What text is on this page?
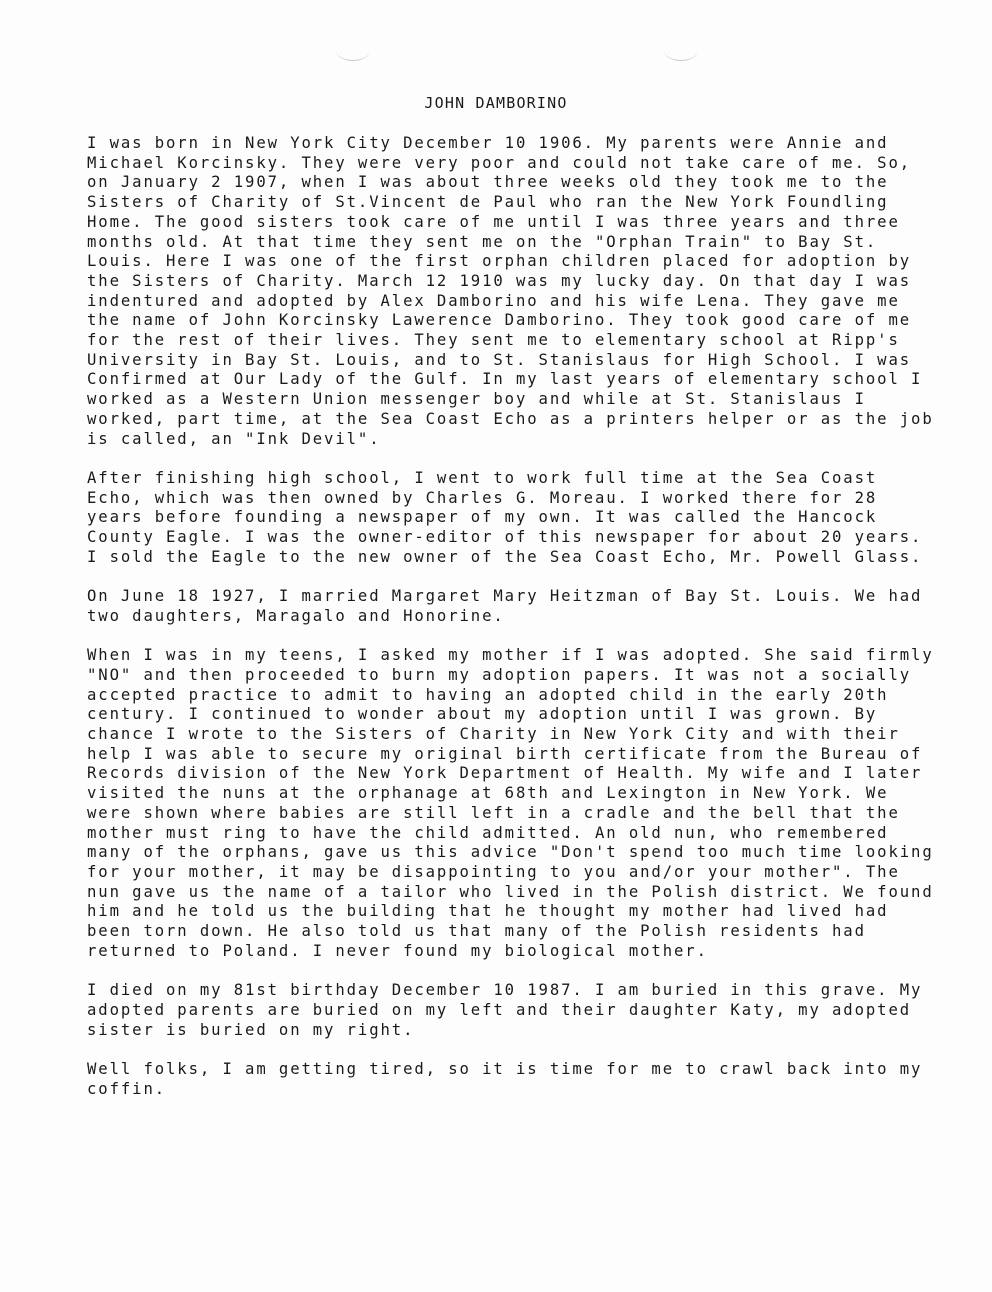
JOHN DAMBORINO

I was born in New York City December 10 1906. My parents were Annie and
Michael Korcinsky. They were very poor and could not take care of me. So,
on January 2 1907, when I was about three weeks old they took me to the
Sisters of Charity of St.Vincent de Paul who ran the New York Foundling
Home. The good sisters took care of me until I was three years and three
months old. At that time they sent me on the "Orphan Train" to Bay St.
Louis. Here I was one of the first orphan children placed for adoption by
the Sisters of Charity. March 12 1910 was my lucky day. On that day I was
indentured and adopted by Alex Damborino and his wife Lena. They gave me
the name of John Korcinsky Lawerence Damborino. They took good care of me
for the rest of their lives. They sent me to elementary school at Ripp's
University in Bay St. Louis, and to St. Stanislaus for High School. I was
Confirmed at Our Lady of the Gulf. In my last years of elementary school I
worked as a Western Union messenger boy and while at St. Stanislaus I
worked, part time, at the Sea Coast Echo as a printers helper or as the job
is called, an "Ink Devil".

After finishing high school, I went to work full time at the Sea Coast
Echo, which was then owned by Charles G. Moreau. I worked there for 28
years before founding a newspaper of my own. It was called the Hancock
County Eagle. I was the owner-editor of this newspaper for about 20 years.
I sold the Eagle to the new owner of the Sea Coast Echo, Mr. Powell Glass.

On June 18 1927, I married Margaret Mary Heitzman of Bay St. Louis. We had
two daughters, Maragalo and Honorine.

When I was in my teens, I asked my mother if I was adopted. She said firmly
"NO" and then proceeded to burn my adoption papers. It was not a socially
accepted practice to admit to having an adopted child in the early 20th
century. I continued to wonder about my adoption until I was grown. By
chance I wrote to the Sisters of Charity in New York City and with their
help I was able to secure my original birth certificate from the Bureau of
Records division of the New York Department of Health. My wife and I later
visited the nuns at the orphanage at 68th and Lexington in New York. We
were shown where babies are still left in a cradle and the bell that the
mother must ring to have the child admitted. An old nun, who remembered
many of the orphans, gave us this advice "Don't spend too much time looking
for your mother, it may be disappointing to you and/or your mother". The
nun gave us the name of a tailor who lived in the Polish district. We found
him and he told us the building that he thought my mother had lived had
been torn down. He also told us that many of the Polish residents had
returned to Poland. I never found my biological mother.

I died on my 81st birthday December 10 1987. I am buried in this grave. My
adopted parents are buried on my left and their daughter Katy, my adopted
sister is buried on my right.

Well folks, I am getting tired, so it is time for me to crawl back into my
coffin.
